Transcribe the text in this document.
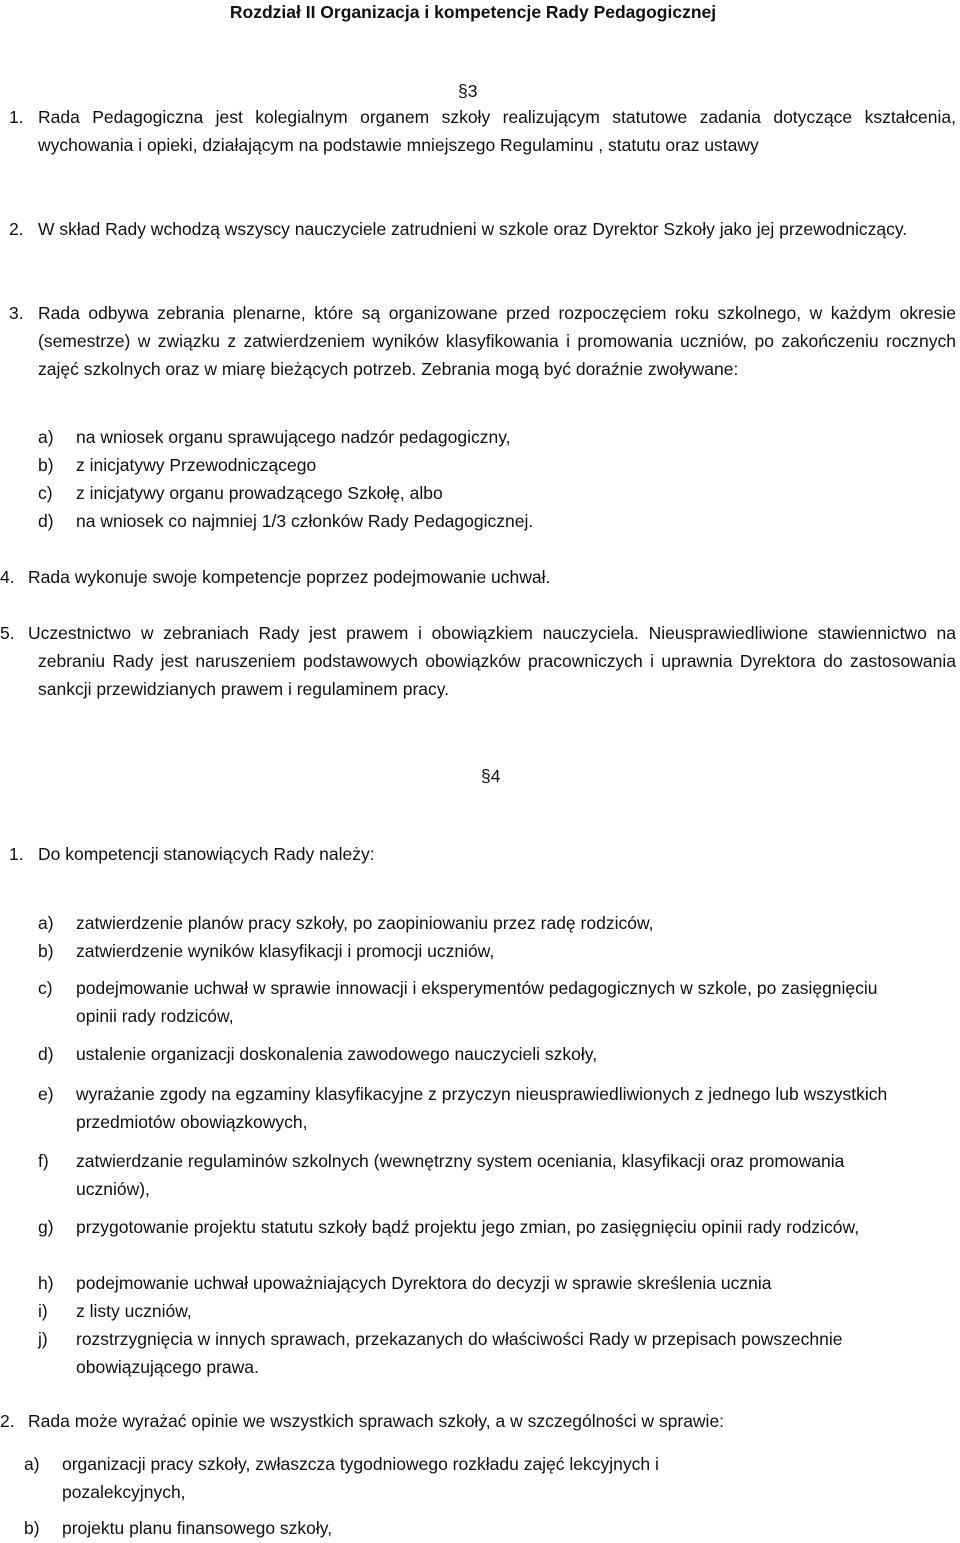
Rozdział II Organizacja i kompetencje Rady Pedagogicznej
§3
1. Rada Pedagogiczna jest kolegialnym organem szkoły realizującym statutowe zadania dotyczące kształcenia, wychowania i opieki, działającym na podstawie mniejszego Regulaminu , statutu oraz ustawy
2. W skład Rady wchodzą wszyscy nauczyciele zatrudnieni w szkole oraz Dyrektor Szkoły jako jej przewodniczący.
3. Rada odbywa zebrania plenarne, które są organizowane przed rozpoczęciem roku szkolnego, w każdym okresie (semestrze) w związku z zatwierdzeniem wyników klasyfikowania i promowania uczniów, po zakończeniu rocznych zajęć szkolnych oraz w miarę bieżących potrzeb. Zebrania mogą być doraźnie zwoływane:
a)	na wniosek organu sprawującego nadzór pedagogiczny,
b)	z inicjatywy Przewodniczącego
c)	z inicjatywy organu prowadzącego Szkołę, albo
d)	na wniosek co najmniej 1/3 członków Rady Pedagogicznej.
4. Rada wykonuje swoje kompetencje poprzez podejmowanie uchwał.
5. Uczestnictwo w zebraniach Rady jest prawem i obowiązkiem nauczyciela. Nieusprawiedliwione stawiennictwo na zebraniu Rady jest naruszeniem podstawowych obowiązków pracowniczych i uprawnia Dyrektora do zastosowania sankcji przewidzianych prawem i regulaminem pracy.
§4
1. Do kompetencji stanowiących Rady należy:
a)	zatwierdzenie planów pracy szkoły, po zaopiniowaniu przez radę rodziców,
b)	zatwierdzenie wyników klasyfikacji i promocji uczniów,
c)	podejmowanie uchwał w sprawie innowacji i eksperymentów pedagogicznych w szkole, po zasięgnięciu opinii rady rodziców,
d)	ustalenie organizacji doskonalenia zawodowego nauczycieli szkoły,
e)	wyrażanie zgody na egzaminy klasyfikacyjne z przyczyn nieusprawiedliwionych z jednego lub wszystkich przedmiotów obowiązkowych,
f)	zatwierdzanie regulaminów szkolnych (wewnętrzny system oceniania, klasyfikacji oraz promowania uczniów),
g)	przygotowanie projektu statutu szkoły bądź projektu jego zmian, po zasięgnięciu opinii rady rodziców,
h)	podejmowanie uchwał upoważniających Dyrektora do decyzji w sprawie skreślenia ucznia
i)	z listy uczniów,
j)	rozstrzygnięcia w innych sprawach, przekazanych do właściwości Rady w przepisach powszechnie obowiązującego prawa.
2. Rada może wyrażać opinie we wszystkich sprawach szkoły, a w szczególności w sprawie:
a)	organizacji pracy szkoły, zwłaszcza tygodniowego rozkładu zajęć lekcyjnych i pozalekcyjnych,
b)	projektu planu finansowego szkoły,
